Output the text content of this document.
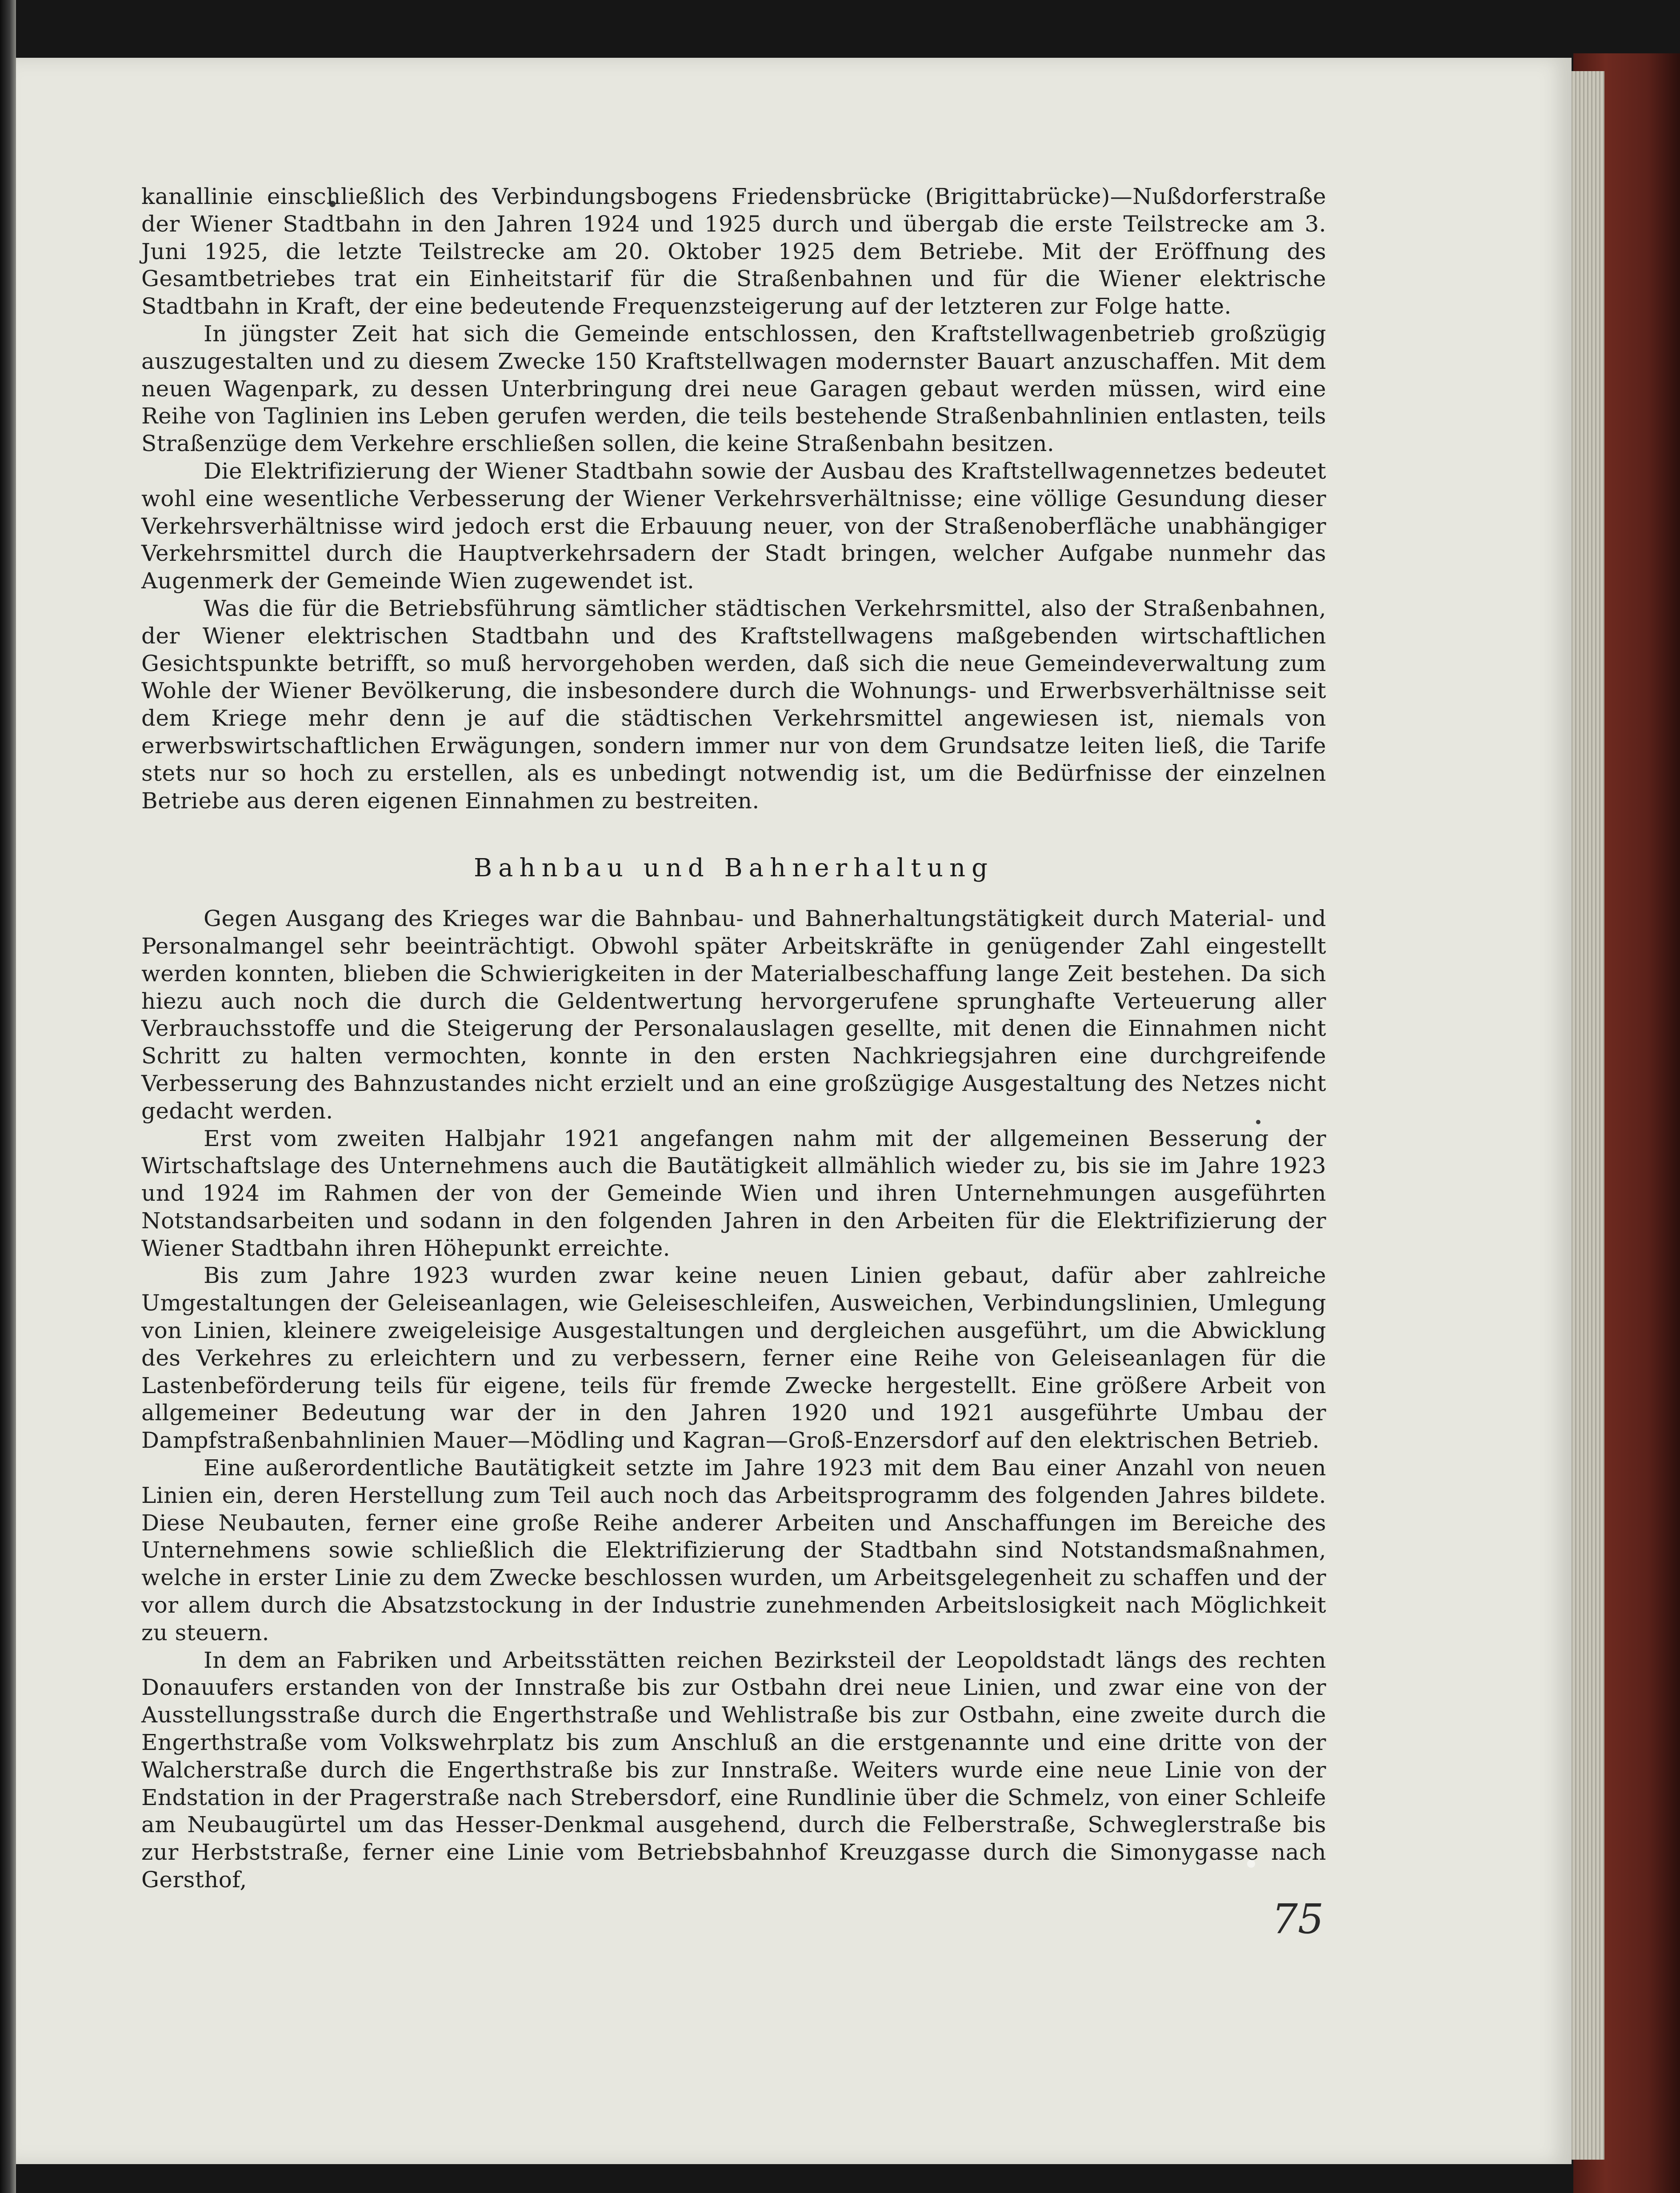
kanallinie einschließlich des Verbindungsbogens Friedensbrücke (Brigittabrücke)—Nußdorferstraße der Wiener Stadtbahn in den Jahren 1924 und 1925 durch und übergab die erste Teilstrecke am 3. Juni 1925, die letzte Teilstrecke am 20. Oktober 1925 dem Betriebe. Mit der Eröffnung des Gesamtbetriebes trat ein Einheitstarif für die Straßenbahnen und für die Wiener elektrische Stadtbahn in Kraft, der eine bedeutende Frequenzsteigerung auf der letzteren zur Folge hatte.

In jüngster Zeit hat sich die Gemeinde entschlossen, den Kraftstellwagenbetrieb großzügig auszugestalten und zu diesem Zwecke 150 Kraftstellwagen modernster Bauart anzuschaffen. Mit dem neuen Wagenpark, zu dessen Unterbringung drei neue Garagen gebaut werden müssen, wird eine Reihe von Taglinien ins Leben gerufen werden, die teils bestehende Straßenbahnlinien entlasten, teils Straßenzüge dem Verkehre erschließen sollen, die keine Straßenbahn besitzen.

Die Elektrifizierung der Wiener Stadtbahn sowie der Ausbau des Kraftstellwagennetzes bedeutet wohl eine wesentliche Verbesserung der Wiener Verkehrsverhältnisse; eine völlige Gesundung dieser Verkehrsverhältnisse wird jedoch erst die Erbauung neuer, von der Straßenoberfläche unabhängiger Verkehrsmittel durch die Hauptverkehrsadern der Stadt bringen, welcher Aufgabe nunmehr das Augenmerk der Gemeinde Wien zugewendet ist.

Was die für die Betriebsführung sämtlicher städtischen Verkehrsmittel, also der Straßenbahnen, der Wiener elektrischen Stadtbahn und des Kraftstellwagens maßgebenden wirtschaftlichen Gesichtspunkte betrifft, so muß hervorgehoben werden, daß sich die neue Gemeindeverwaltung zum Wohle der Wiener Bevölkerung, die insbesondere durch die Wohnungs- und Erwerbsverhältnisse seit dem Kriege mehr denn je auf die städtischen Verkehrsmittel angewiesen ist, niemals von erwerbswirtschaftlichen Erwägungen, sondern immer nur von dem Grundsatze leiten ließ, die Tarife stets nur so hoch zu erstellen, als es unbedingt notwendig ist, um die Bedürfnisse der einzelnen Betriebe aus deren eigenen Einnahmen zu bestreiten.

Bahnbau und Bahnerhaltung

Gegen Ausgang des Krieges war die Bahnbau- und Bahnerhaltungstätigkeit durch Material- und Personalmangel sehr beeinträchtigt. Obwohl später Arbeitskräfte in genügender Zahl eingestellt werden konnten, blieben die Schwierigkeiten in der Materialbeschaffung lange Zeit bestehen. Da sich hiezu auch noch die durch die Geldentwertung hervorgerufene sprunghafte Verteuerung aller Verbrauchsstoffe und die Steigerung der Personalauslagen gesellte, mit denen die Einnahmen nicht Schritt zu halten vermochten, konnte in den ersten Nachkriegsjahren eine durchgreifende Verbesserung des Bahnzustandes nicht erzielt und an eine großzügige Ausgestaltung des Netzes nicht gedacht werden.

Erst vom zweiten Halbjahr 1921 angefangen nahm mit der allgemeinen Besserung der Wirtschaftslage des Unternehmens auch die Bautätigkeit allmählich wieder zu, bis sie im Jahre 1923 und 1924 im Rahmen der von der Gemeinde Wien und ihren Unternehmungen ausgeführten Notstandsarbeiten und sodann in den folgenden Jahren in den Arbeiten für die Elektrifizierung der Wiener Stadtbahn ihren Höhepunkt erreichte.

Bis zum Jahre 1923 wurden zwar keine neuen Linien gebaut, dafür aber zahlreiche Umgestaltungen der Geleiseanlagen, wie Geleiseschleifen, Ausweichen, Verbindungslinien, Umlegung von Linien, kleinere zweigeleisige Ausgestaltungen und dergleichen ausgeführt, um die Abwicklung des Verkehres zu erleichtern und zu verbessern, ferner eine Reihe von Geleiseanlagen für die Lastenbeförderung teils für eigene, teils für fremde Zwecke hergestellt. Eine größere Arbeit von allgemeiner Bedeutung war der in den Jahren 1920 und 1921 ausgeführte Umbau der Dampfstraßenbahnlinien Mauer—Mödling und Kagran—Groß-Enzersdorf auf den elektrischen Betrieb.

Eine außerordentliche Bautätigkeit setzte im Jahre 1923 mit dem Bau einer Anzahl von neuen Linien ein, deren Herstellung zum Teil auch noch das Arbeitsprogramm des folgenden Jahres bildete. Diese Neubauten, ferner eine große Reihe anderer Arbeiten und Anschaffungen im Bereiche des Unternehmens sowie schließlich die Elektrifizierung der Stadtbahn sind Notstandsmaßnahmen, welche in erster Linie zu dem Zwecke beschlossen wurden, um Arbeitsgelegenheit zu schaffen und der vor allem durch die Absatzstockung in der Industrie zunehmenden Arbeitslosigkeit nach Möglichkeit zu steuern.

In dem an Fabriken und Arbeitsstätten reichen Bezirksteil der Leopoldstadt längs des rechten Donauufers erstanden von der Innstraße bis zur Ostbahn drei neue Linien, und zwar eine von der Ausstellungsstraße durch die Engerthstraße und Wehlistraße bis zur Ostbahn, eine zweite durch die Engerthstraße vom Volkswehrplatz bis zum Anschluß an die erstgenannte und eine dritte von der Walcherstraße durch die Engerthstraße bis zur Innstraße. Weiters wurde eine neue Linie von der Endstation in der Pragerstraße nach Strebersdorf, eine Rundlinie über die Schmelz, von einer Schleife am Neubaugürtel um das Hesser-Denkmal ausgehend, durch die Felberstraße, Schweglerstraße bis zur Herbststraße, ferner eine Linie vom Betriebsbahnhof Kreuzgasse durch die Simonygasse nach Gersthof,

75
